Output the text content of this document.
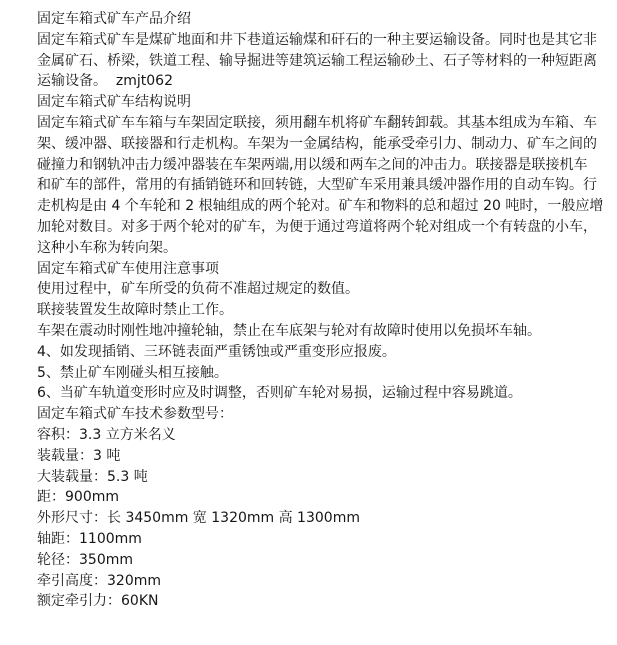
固定车箱式矿车产品介绍
固定车箱式矿车是煤矿地面和井下巷道运输煤和矸石的一种主要运输设备。同时也是其它非
金属矿石、桥梁，铁道工程、输导掘进等建筑运输工程运输砂土、石子等材料的一种短距离
运输设备。  zmjt062
固定车箱式矿车结构说明
固定车箱式矿车车箱与车架固定联接，须用翻车机将矿车翻转卸载。其基本组成为车箱、车
架、缓冲器、联接器和行走机构。车架为一金属结构，能承受牵引力、制动力、矿车之间的
碰撞力和钢轨冲击力缓冲器装在车架两端,用以缓和两车之间的冲击力。联接器是联接机车
和矿车的部件，常用的有插销链环和回转链，大型矿车采用兼具缓冲器作用的自动车钩。行
走机构是由 4 个车轮和 2 根轴组成的两个轮对。矿车和物料的总和超过 20 吨时，一般应增
加轮对数目。对多于两个轮对的矿车，为便于通过弯道将两个轮对组成一个有转盘的小车，
这种小车称为转向架。
固定车箱式矿车使用注意事项
使用过程中，矿车所受的负荷不准超过规定的数值。
联接装置发生故障时禁止工作。
车架在震动时刚性地冲撞轮轴，禁止在车底架与轮对有故障时使用以免损坏车轴。
4、如发现插销、三环链表面严重锈蚀或严重变形应报废。
5、禁止矿车刚碰头相互接触。
6、当矿车轨道变形时应及时调整，否则矿车轮对易损，运输过程中容易跳道。
固定车箱式矿车技术参数型号：
容积：3.3 立方米名义
装载量：3 吨
大装载量：5.3 吨
距：900mm
外形尺寸：长 3450mm 宽 1320mm 高 1300mm
轴距：1100mm
轮径：350mm
牵引高度：320mm
额定牵引力：60KN
